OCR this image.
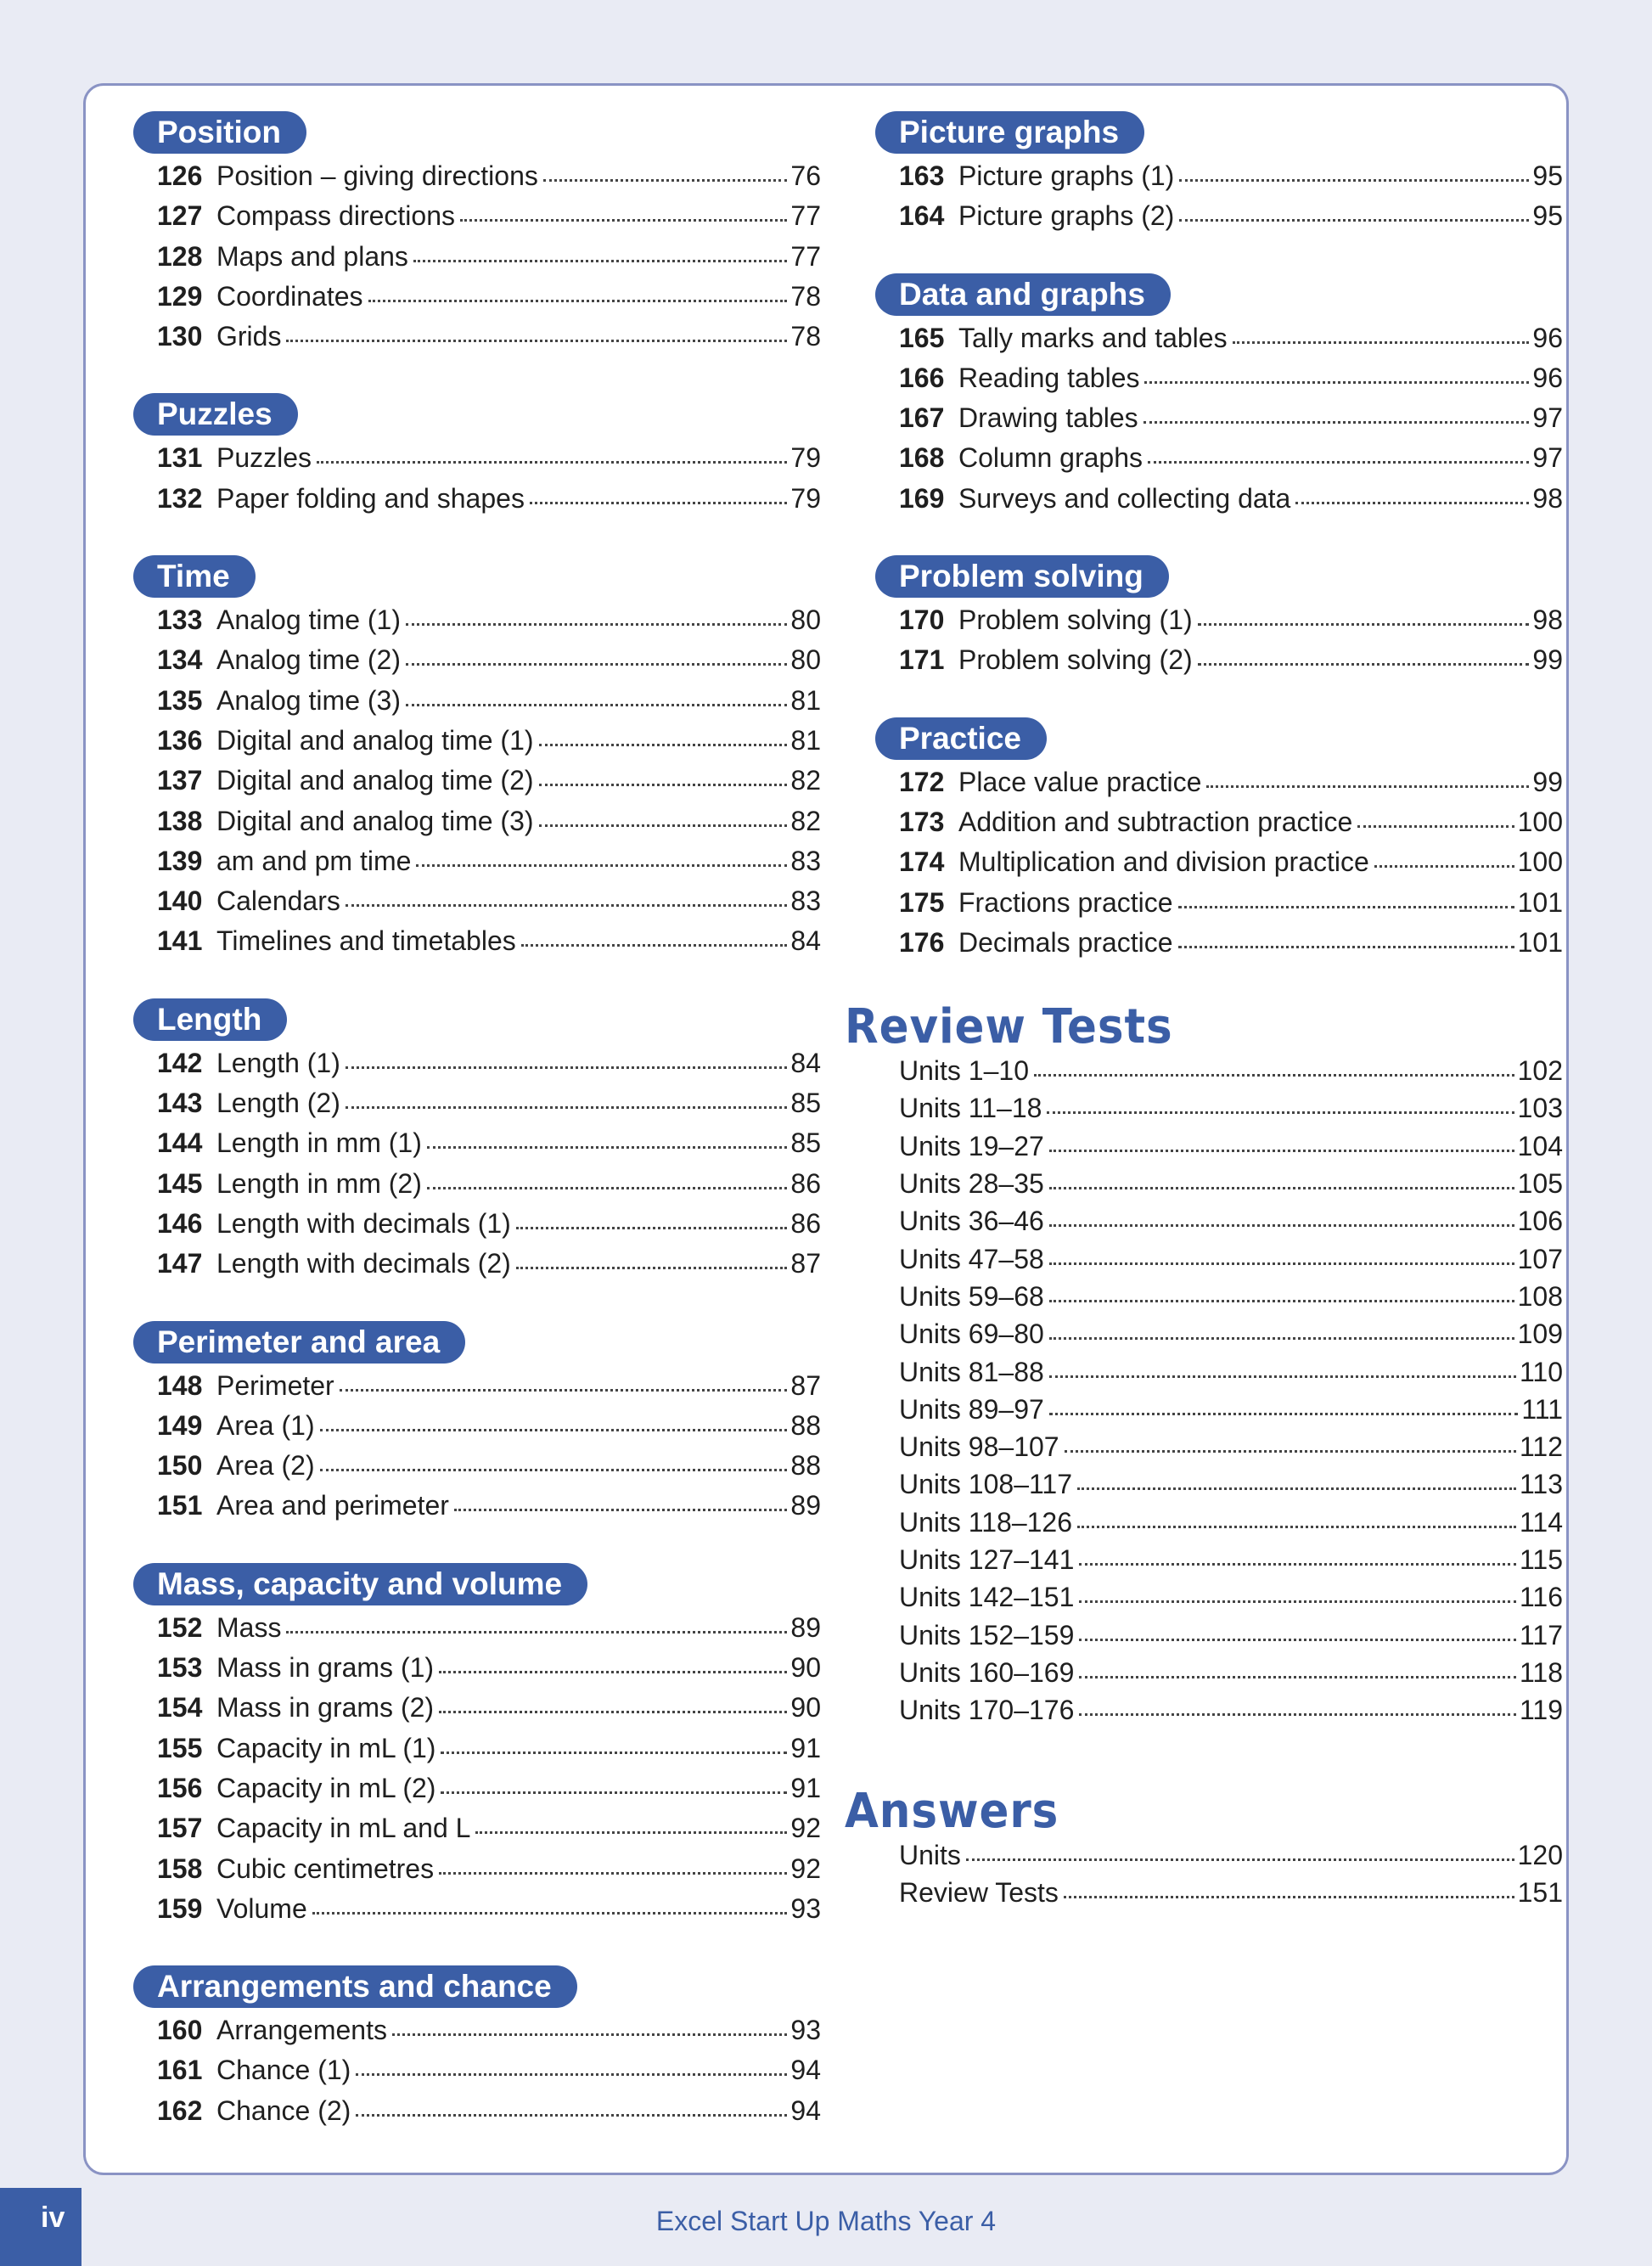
Position
126 Position – giving directions	76
127 Compass directions	77
128 Maps and plans	77
129 Coordinates	78
130 Grids	78
Puzzles
131 Puzzles	79
132 Paper folding and shapes	79
Time
133 Analog time (1)	80
134 Analog time (2)	80
135 Analog time (3)	81
136 Digital and analog time (1)	81
137 Digital and analog time (2)	82
138 Digital and analog time (3)	82
139 am and pm time	83
140 Calendars	83
141 Timelines and timetables	84
Length
142 Length (1)	84
143 Length (2)	85
144 Length in mm (1)	85
145 Length in mm (2)	86
146 Length with decimals (1)	86
147 Length with decimals (2)	87
Perimeter and area
148 Perimeter	87
149 Area (1)	88
150 Area (2)	88
151 Area and perimeter	89
Mass, capacity and volume
152 Mass	89
153 Mass in grams (1)	90
154 Mass in grams (2)	90
155 Capacity in mL (1)	91
156 Capacity in mL (2)	91
157 Capacity in mL and L	92
158 Cubic centimetres	92
159 Volume	93
Arrangements and chance
160 Arrangements	93
161 Chance (1)	94
162 Chance (2)	94
Picture graphs
163 Picture graphs (1)	95
164 Picture graphs (2)	95
Data and graphs
165 Tally marks and tables	96
166 Reading tables	96
167 Drawing tables	97
168 Column graphs	97
169 Surveys and collecting data	98
Problem solving
170 Problem solving (1)	98
171 Problem solving (2)	99
Practice
172 Place value practice	99
173 Addition and subtraction practice	100
174 Multiplication and division practice	100
175 Fractions practice	101
176 Decimals practice	101
Review Tests
Units 1–10	102
Units 11–18	103
Units 19–27	104
Units 28–35	105
Units 36–46	106
Units 47–58	107
Units 59–68	108
Units 69–80	109
Units 81–88	110
Units 89–97	111
Units 98–107	112
Units 108–117	113
Units 118–126	114
Units 127–141	115
Units 142–151	116
Units 152–159	117
Units 160–169	118
Units 170–176	119
Answers
Units	120
Review Tests	151
iv	Excel Start Up Maths Year 4
